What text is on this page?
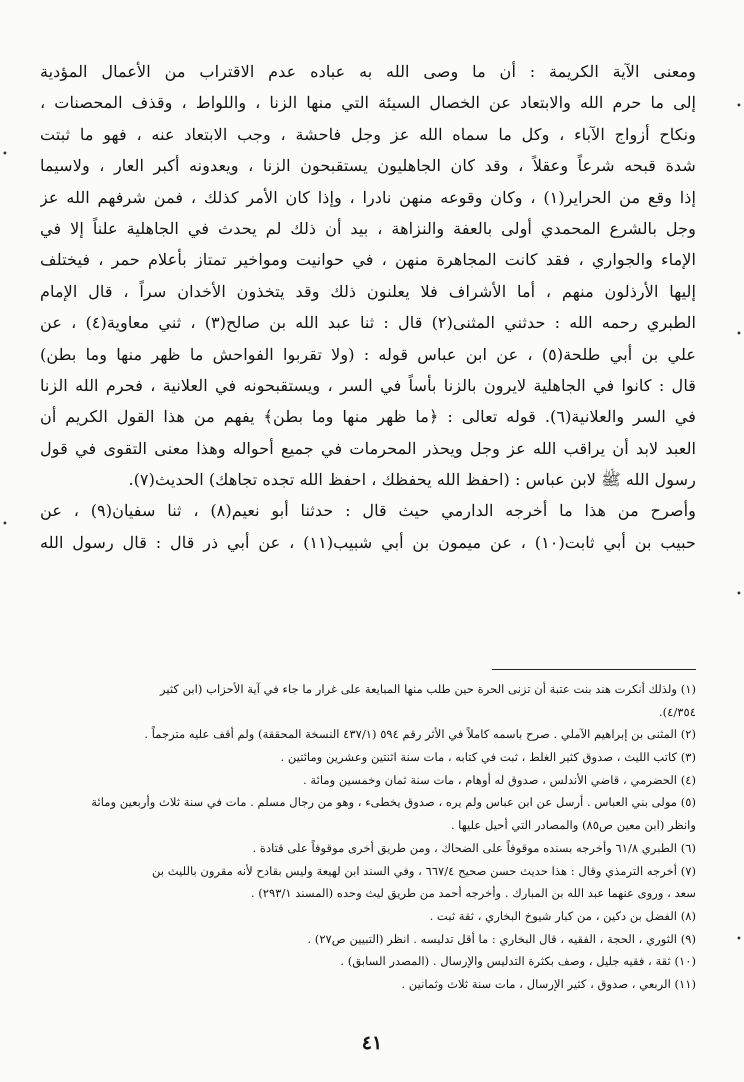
ومعنى الآية الكريمة : أن ما وصى الله به عباده عدم الاقتراب من الأعمال المؤدية
إلى ما حرم الله والابتعاد عن الخصال السيئة التي منها الزنا ، واللواط ، وقذف المحصنات ،
ونكاح أزواج الآباء ، وكل ما سماه الله عز وجل فاحشة ، وجب الابتعاد عنه ، فهو ما ثبتت
شدة قبحه شرعاً وعقلاً ، وقد كان الجاهليون يستقبحون الزنا ، ويعدونه أكبر العار ، ولاسيما
إذا وقع من الحراير(١) ، وكان وقوعه منهن نادرا ، وإذا كان الأمر كذلك ، فمن شرفهم الله عز
وجل بالشرع المحمدي أولى بالعفة والنزاهة ، بيد أن ذلك لم يحدث في الجاهلية علناً إلا في
الإماء والجواري ، فقد كانت المجاهرة منهن ، في حوانيت ومواخير تمتاز بأعلام حمر ، فيختلف
إليها الأرذلون منهم ، أما الأشراف فلا يعلنون ذلك وقد يتخذون الأخدان سراً ، قال الإمام
الطبري رحمه الله : حدثني المثنى(٢) قال : ثنا عبد الله بن صالح(٣) ، ثني معاوية(٤) ، عن
علي بن أبي طلحة(٥) ، عن ابن عباس قوله : (ولا تقربوا الفواحش ما ظهر منها وما بطن)
قال : كانوا في الجاهلية لايرون بالزنا بأساً في السر ، ويستقبحونه في العلانية ، فحرم الله الزنا
في السر والعلانية(٦). قوله تعالى : ﴿ما ظهر منها وما بطن﴾ يفهم من هذا القول الكريم أن
العبد لابد أن يراقب الله عز وجل ويحذر المحرمات في جميع أحواله وهذا معنى التقوى في قول
رسول الله ﷺ لابن عباس : (احفظ الله يحفظك ، احفظ الله تجده تجاهك) الحديث(٧).
وأصرح من هذا ما أخرجه الدارمي حيث قال : حدثنا أبو نعيم(٨) ، ثنا سفيان(٩) ، عن
حبيب بن أبي ثابت(١٠) ، عن ميمون بن أبي شبيب(١١) ، عن أبي ذر قال : قال رسول الله
(١) ولذلك أنكرت هند بنت عتبة أن تزنى الحرة حين طلب منها المبايعة على غرار ما جاء في آية الأحزاب (ابن كثير
٤/٣٥٤).
(٢) المثنى بن إبراهيم الآملي . صرح باسمه كاملاً في الأثر رقم ٥٩٤ (٤٣٧/١ النسخة المحققة) ولم أقف عليه مترجماً .
(٣) كاتب الليث ، صدوق كثير الغلط ، ثبت في كتابه ، مات سنة اثنتين وعشرين ومائتين .
(٤) الحضرمي ، قاضي الأندلس ، صدوق له أوهام ، مات سنة ثمان وخمسين ومائة .
(٥) مولى بني العباس . أرسل عن ابن عباس ولم يره ، صدوق يخطىء ، وهو من رجال مسلم . مات في سنة ثلاث وأربعين ومائة
وانظر (ابن معين ص٨٥) والمصادر التي أحيل عليها .
(٦) الطبري ٦١/٨ وأخرجه بسنده موقوفاً على الضحاك ، ومن طريق أخرى موقوفاً على قتادة .
(٧) أخرجه الترمذي وقال : هذا حديث حسن صحيح ٦٦٧/٤ ، وفي السند ابن لهيعة وليس بقادح لأنه مقرون بالليث بن
سعد ، وروى عنهما عبد الله بن المبارك . وأخرجه أحمد من طريق ليث وحده (المسند ٢٩٣/١) .
(٨) الفضل بن دكين ، من كبار شيوخ البخاري ، ثقة ثبت .
(٩) الثوري ، الحجة ، الفقيه ، قال البخاري : ما أقل تدليسه . انظر (التبيين ص٢٧) .
(١٠) ثقة ، فقيه جليل ، وصف بكثرة التدليس والإرسال . (المصدر السابق) .
(١١) الربعي ، صدوق ، كثير الإرسال ، مات سنة ثلاث وثمانين .
٤١
•
•
•
•
•
•
